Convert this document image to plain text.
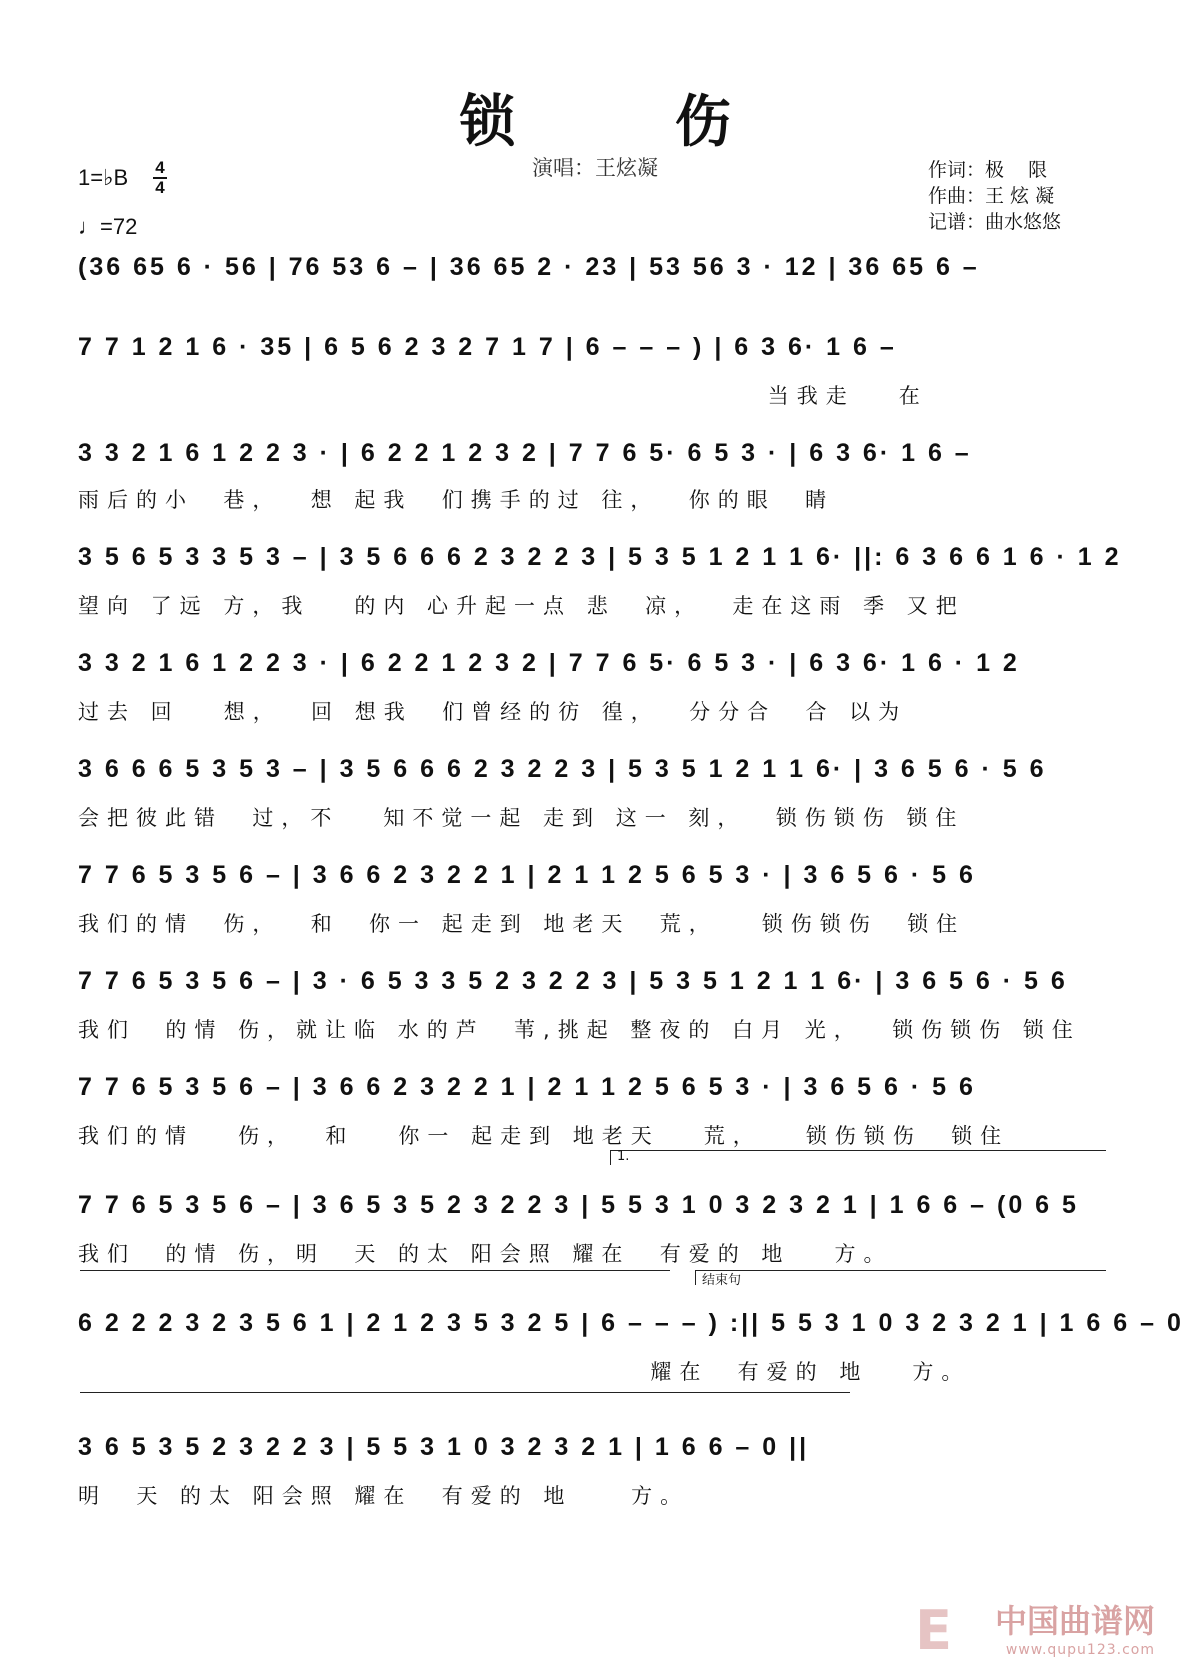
锁 伤
演唱：王炫凝
1=♭B 4
4
♩=72
作词：极    限
作曲：王 炫 凝
记谱：曲水悠悠
(36 65 6 · 56 | 76 53 6 – | 36 65 2 · 23 | 53 56 3 · 12 | 36 65 6 –
7 7 1 2 1 6 · 35 | 6 5 6 2 3 2 7 1 7 | 6 – – – ) | 6 3 6· 1 6 –
当我走   在
3 3 2 1 6 1 2 2 3 · | 6 2 2 1 2 3 2 | 7 7 6 5· 6 5 3 · | 6 3 6· 1 6 –
雨后的小  巷，  想 起我  们携手的过 往，  你的眼  睛
3 5 6 5 3 3 5 3 – | 3 5 6 6 6 2 3 2 2 3 | 5 3 5 1 2 1 1 6· ||: 6 3 6 6 1 6 · 1 2
望向 了远 方，我   的内 心升起一点 悲  凉，  走在这雨 季 又把
3 3 2 1 6 1 2 2 3 · | 6 2 2 1 2 3 2 | 7 7 6 5· 6 5 3 · | 6 3 6· 1 6 · 1 2
过去 回   想，  回 想我  们曾经的彷 徨，  分分合  合 以为
3 6 6 6 5 3 5 3 – | 3 5 6 6 6 2 3 2 2 3 | 5 3 5 1 2 1 1 6· | 3 6 5 6 · 5 6
会把彼此错  过，不   知不觉一起 走到 这一 刻，  锁伤锁伤 锁住
7 7 6 5 3 5 6 – | 3 6 6 2 3 2 2 1 | 2 1 1 2 5 6 5 3 · | 3 6 5 6 · 5 6
我们的情  伤，  和  你一 起走到 地老天  荒，   锁伤锁伤  锁住
7 7 6 5 3 5 6 – | 3 · 6 5 3 3 5 2 3 2 2 3 | 5 3 5 1 2 1 1 6· | 3 6 5 6 · 5 6
我们  的情 伤，就让临 水的芦  苇,挑起 整夜的 白月 光，  锁伤锁伤 锁住
7 7 6 5 3 5 6 – | 3 6 6 2 3 2 2 1 | 2 1 1 2 5 6 5 3 · | 3 6 5 6 · 5 6
我们的情   伤，  和   你一 起走到 地老天   荒，   锁伤锁伤  锁住
1.
7 7 6 5 3 5 6 – | 3 6 5 3 5 2 3 2 2 3 | 5 5 3 1 0 3 2 3 2 1 | 1 6 6 – (0 6 5
我们  的情 伤，明  天 的太 阳会照 耀在  有爱的 地   方。
结束句
6 2 2 2 3 2 3 5 6 1 | 2 1 2 3 5 3 2 5 | 6 – – – ) :|| 5 5 3 1 0 3 2 3 2 1 | 1 6 6 – 0
耀在  有爱的 地   方。
3 6 5 3 5 2 3 2 2 3 | 5 5 3 1 0 3 2 3 2 1 | 1 6 6 – 0 ||
明  天 的太 阳会照 耀在  有爱的 地    方。
E 中国曲谱网
www.qupu123.com
